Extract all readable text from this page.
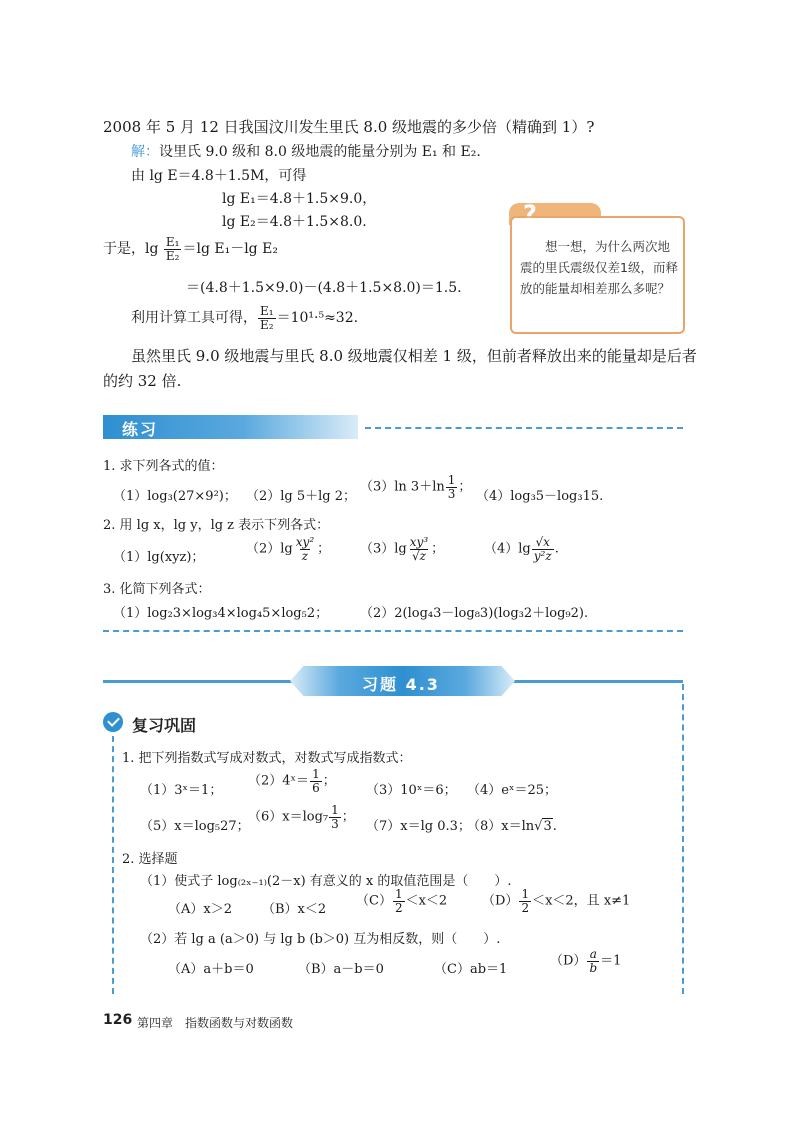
2008 年 5 月 12 日我国汶川发生里氏 8.0 级地震的多少倍（精确到 1）?
解：设里氏 9.0 级和 8.0 级地震的能量分别为 E₁ 和 E₂.
由 lg E＝4.8＋1.5M，可得
lg E₁＝4.8＋1.5×9.0，
lg E₂＝4.8＋1.5×8.0.
于是，$\lg \frac{\text{E₁}}{\text{E₂}} =\lg$ E₁－lg E₂
＝(4.8＋1.5×9.0)－(4.8＋1.5×8.0)＝1.5.
利用计算工具可得， $\frac{\text{E₁}}{\text{E₂}} =10^1\cdot^5\approx 32$.
虽然里氏 9.0 级地震与里氏 8.0 级地震仅相差 1 级，但前者释放出来的能量却是后者
的约 32 倍.
?
想一想，为什么两次地震的里氏震级仅差1级，而释放的能量却相差那么多呢？
练习
1. 求下列各式的值：
（1）log₃(27×9²)； （2）lg 5＋lg 2；
（3）ln $3+\ln \frac{1}{3}$ ；
（4）log₃5－log₃15.
2. 用 lg x，lg y，lg z 表示下列各式：
（1）lg(xyz)；
$(2)\lg \frac{\text{xy²}}{z}$ ； $(3)\lg \frac{\text{xy³}}{√z}$ ；	$(4)\lg \frac{√x}{\text{y²z}}$ .
3. 化简下列各式：
（1）log₂3×log₃4×log₄5×log₅2； （2）2(log₄3－log₈3)(log₃2＋log₉2).
习题 4.3
复习巩固
1. 把下列指数式写成对数式，对数式写成指数式：
（1）3ˣ＝1；
（2）4ˣ＝ $\frac{1}{6}$ ；
（3）10ˣ＝6； （4）eˣ＝25；
（5）x＝log₅27；
$(6)x=\log_7 \frac{1}{3}$ ；
（7）x＝lg 0.3；
（8）x＝ln√3.
2. 选择题
（1）使式子 log₍₂ₓ₋₁₎(2－x) 有意义的 x 的取值范围是（　　）.
（A）x＞2 （B）x＜2
$(C) \frac{1}{2} <x<2$	$(D) \frac{1}{2} <x<2$，且 x≠1
（2）若 lg a (a＞0) 与 lg b (b＞0) 互为相反数，则（　　）.
（A）a＋b＝0	（B）a－b＝0	（C）ab＝1
$(D) \frac{a}{b} =1$
126 第四章　指数函数与对数函数
